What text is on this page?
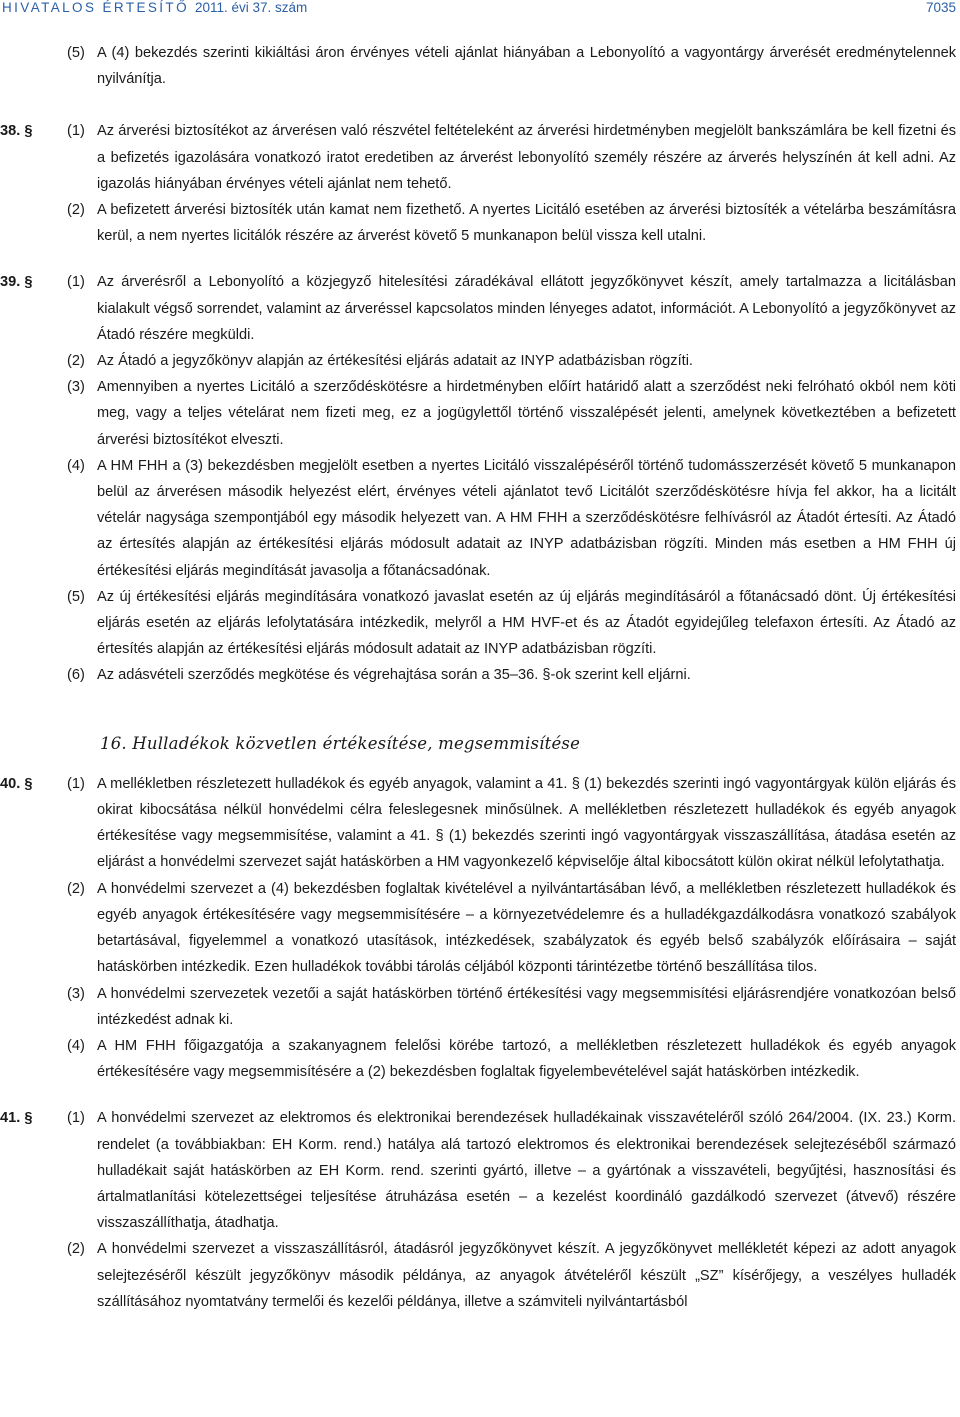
HIVATALOS ÉRTESÍTŐ 2011. évi 37. szám	7035
(5) A (4) bekezdés szerinti kikiáltási áron érvényes vételi ajánlat hiányában a Lebonyolító a vagyontárgy árverését eredménytelennek nyilvánítja.
38. §	(1) Az árverési biztosítékot az árverésen való részvétel feltételeként az árverési hirdetményben megjelölt bankszámlára be kell fizetni és a befizetés igazolására vonatkozó iratot eredetiben az árverést lebonyolító személy részére az árverés helyszínén át kell adni. Az igazolás hiányában érvényes vételi ajánlat nem tehető.
(2) A befizetett árverési biztosíték után kamat nem fizethető. A nyertes Licitáló esetében az árverési biztosíték a vételárba beszámításra kerül, a nem nyertes licitálók részére az árverést követő 5 munkanapon belül vissza kell utalni.
39. §	(1) Az árverésről a Lebonyolító a közjegyző hitelesítési záradékával ellátott jegyzőkönyvet készít, amely tartalmazza a licitálásban kialakult végső sorrendet, valamint az árveréssel kapcsolatos minden lényeges adatot, információt. A Lebonyolító a jegyzőkönyvet az Átadó részére megküldi.
(2) Az Átadó a jegyzőkönyv alapján az értékesítési eljárás adatait az INYP adatbázisban rögzíti.
(3) Amennyiben a nyertes Licitáló a szerződéskötésre a hirdetményben előírt határidő alatt a szerződést neki felróható okból nem köti meg, vagy a teljes vételárat nem fizeti meg, ez a jogügylettől történő visszalépését jelenti, amelynek következtében a befizetett árverési biztosítékot elveszti.
(4) A HM FHH a (3) bekezdésben megjelölt esetben a nyertes Licitáló visszalépéséről történő tudomásszerzését követő 5 munkanapon belül az árverésen második helyezést elért, érvényes vételi ajánlatot tevő Licitálót szerződéskötésre hívja fel akkor, ha a licitált vételár nagysága szempontjából egy második helyezett van. A HM FHH a szerződéskötésre felhívásról az Átadót értesíti. Az Átadó az értesítés alapján az értékesítési eljárás módosult adatait az INYP adatbázisban rögzíti. Minden más esetben a HM FHH új értékesítési eljárás megindítását javasolja a főtanácsadónak.
(5) Az új értékesítési eljárás megindítására vonatkozó javaslat esetén az új eljárás megindításáról a főtanácsadó dönt. Új értékesítési eljárás esetén az eljárás lefolytatására intézkedik, melyről a HM HVF-et és az Átadót egyidejűleg telefaxon értesíti. Az Átadó az értesítés alapján az értékesítési eljárás módosult adatait az INYP adatbázisban rögzíti.
(6) Az adásvételi szerződés megkötése és végrehajtása során a 35–36. §-ok szerint kell eljárni.
16. Hulladékok közvetlen értékesítése, megsemmisítése
40. §	(1) A mellékletben részletezett hulladékok és egyéb anyagok, valamint a 41. § (1) bekezdés szerinti ingó vagyontárgyak külön eljárás és okirat kibocsátása nélkül honvédelmi célra feleslegesnek minősülnek. A mellékletben részletezett hulladékok és egyéb anyagok értékesítése vagy megsemmisítése, valamint a 41. § (1) bekezdés szerinti ingó vagyontárgyak visszaszállítása, átadása esetén az eljárást a honvédelmi szervezet saját hatáskörben a HM vagyonkezelő képviselője által kibocsátott külön okirat nélkül lefolytathatja.
(2) A honvédelmi szervezet a (4) bekezdésben foglaltak kivételével a nyilvántartásában lévő, a mellékletben részletezett hulladékok és egyéb anyagok értékesítésére vagy megsemmisítésére – a környezetvédelemre és a hulladékgazdálkodásra vonatkozó szabályok betartásával, figyelemmel a vonatkozó utasítások, intézkedések, szabályzatok és egyéb belső szabályzók előírásaira – saját hatáskörben intézkedik. Ezen hulladékok további tárolás céljából központi tárintézetbe történő beszállítása tilos.
(3) A honvédelmi szervezetek vezetői a saját hatáskörben történő értékesítési vagy megsemmisítési eljárásrendjére vonatkozóan belső intézkedést adnak ki.
(4) A HM FHH főigazgatója a szakanyagnem felelősi körébe tartozó, a mellékletben részletezett hulladékok és egyéb anyagok értékesítésére vagy megsemmisítésére a (2) bekezdésben foglaltak figyelembevételével saját hatáskörben intézkedik.
41. §	(1) A honvédelmi szervezet az elektromos és elektronikai berendezések hulladékainak visszavételéről szóló 264/2004. (IX. 23.) Korm. rendelet (a továbbiakban: EH Korm. rend.) hatálya alá tartozó elektromos és elektronikai berendezések selejtezéséből származó hulladékait saját hatáskörben az EH Korm. rend. szerinti gyártó, illetve – a gyártónak a visszavételi, begyűjtési, hasznosítási és ártalmatlanítási kötelezettségei teljesítése átruházása esetén – a kezelést koordináló gazdálkodó szervezet (átvevő) részére visszaszállíthatja, átadhatja.
(2) A honvédelmi szervezet a visszaszállításról, átadásról jegyzőkönyvet készít. A jegyzőkönyvet mellékletét képezi az adott anyagok selejtezéséről készült jegyzőkönyv második példánya, az anyagok átvételéről készült „SZ” kísérőjegy, a veszélyes hulladék szállításához nyomtatvány termelői és kezelői példánya, illetve a számviteli nyilvántartásból
